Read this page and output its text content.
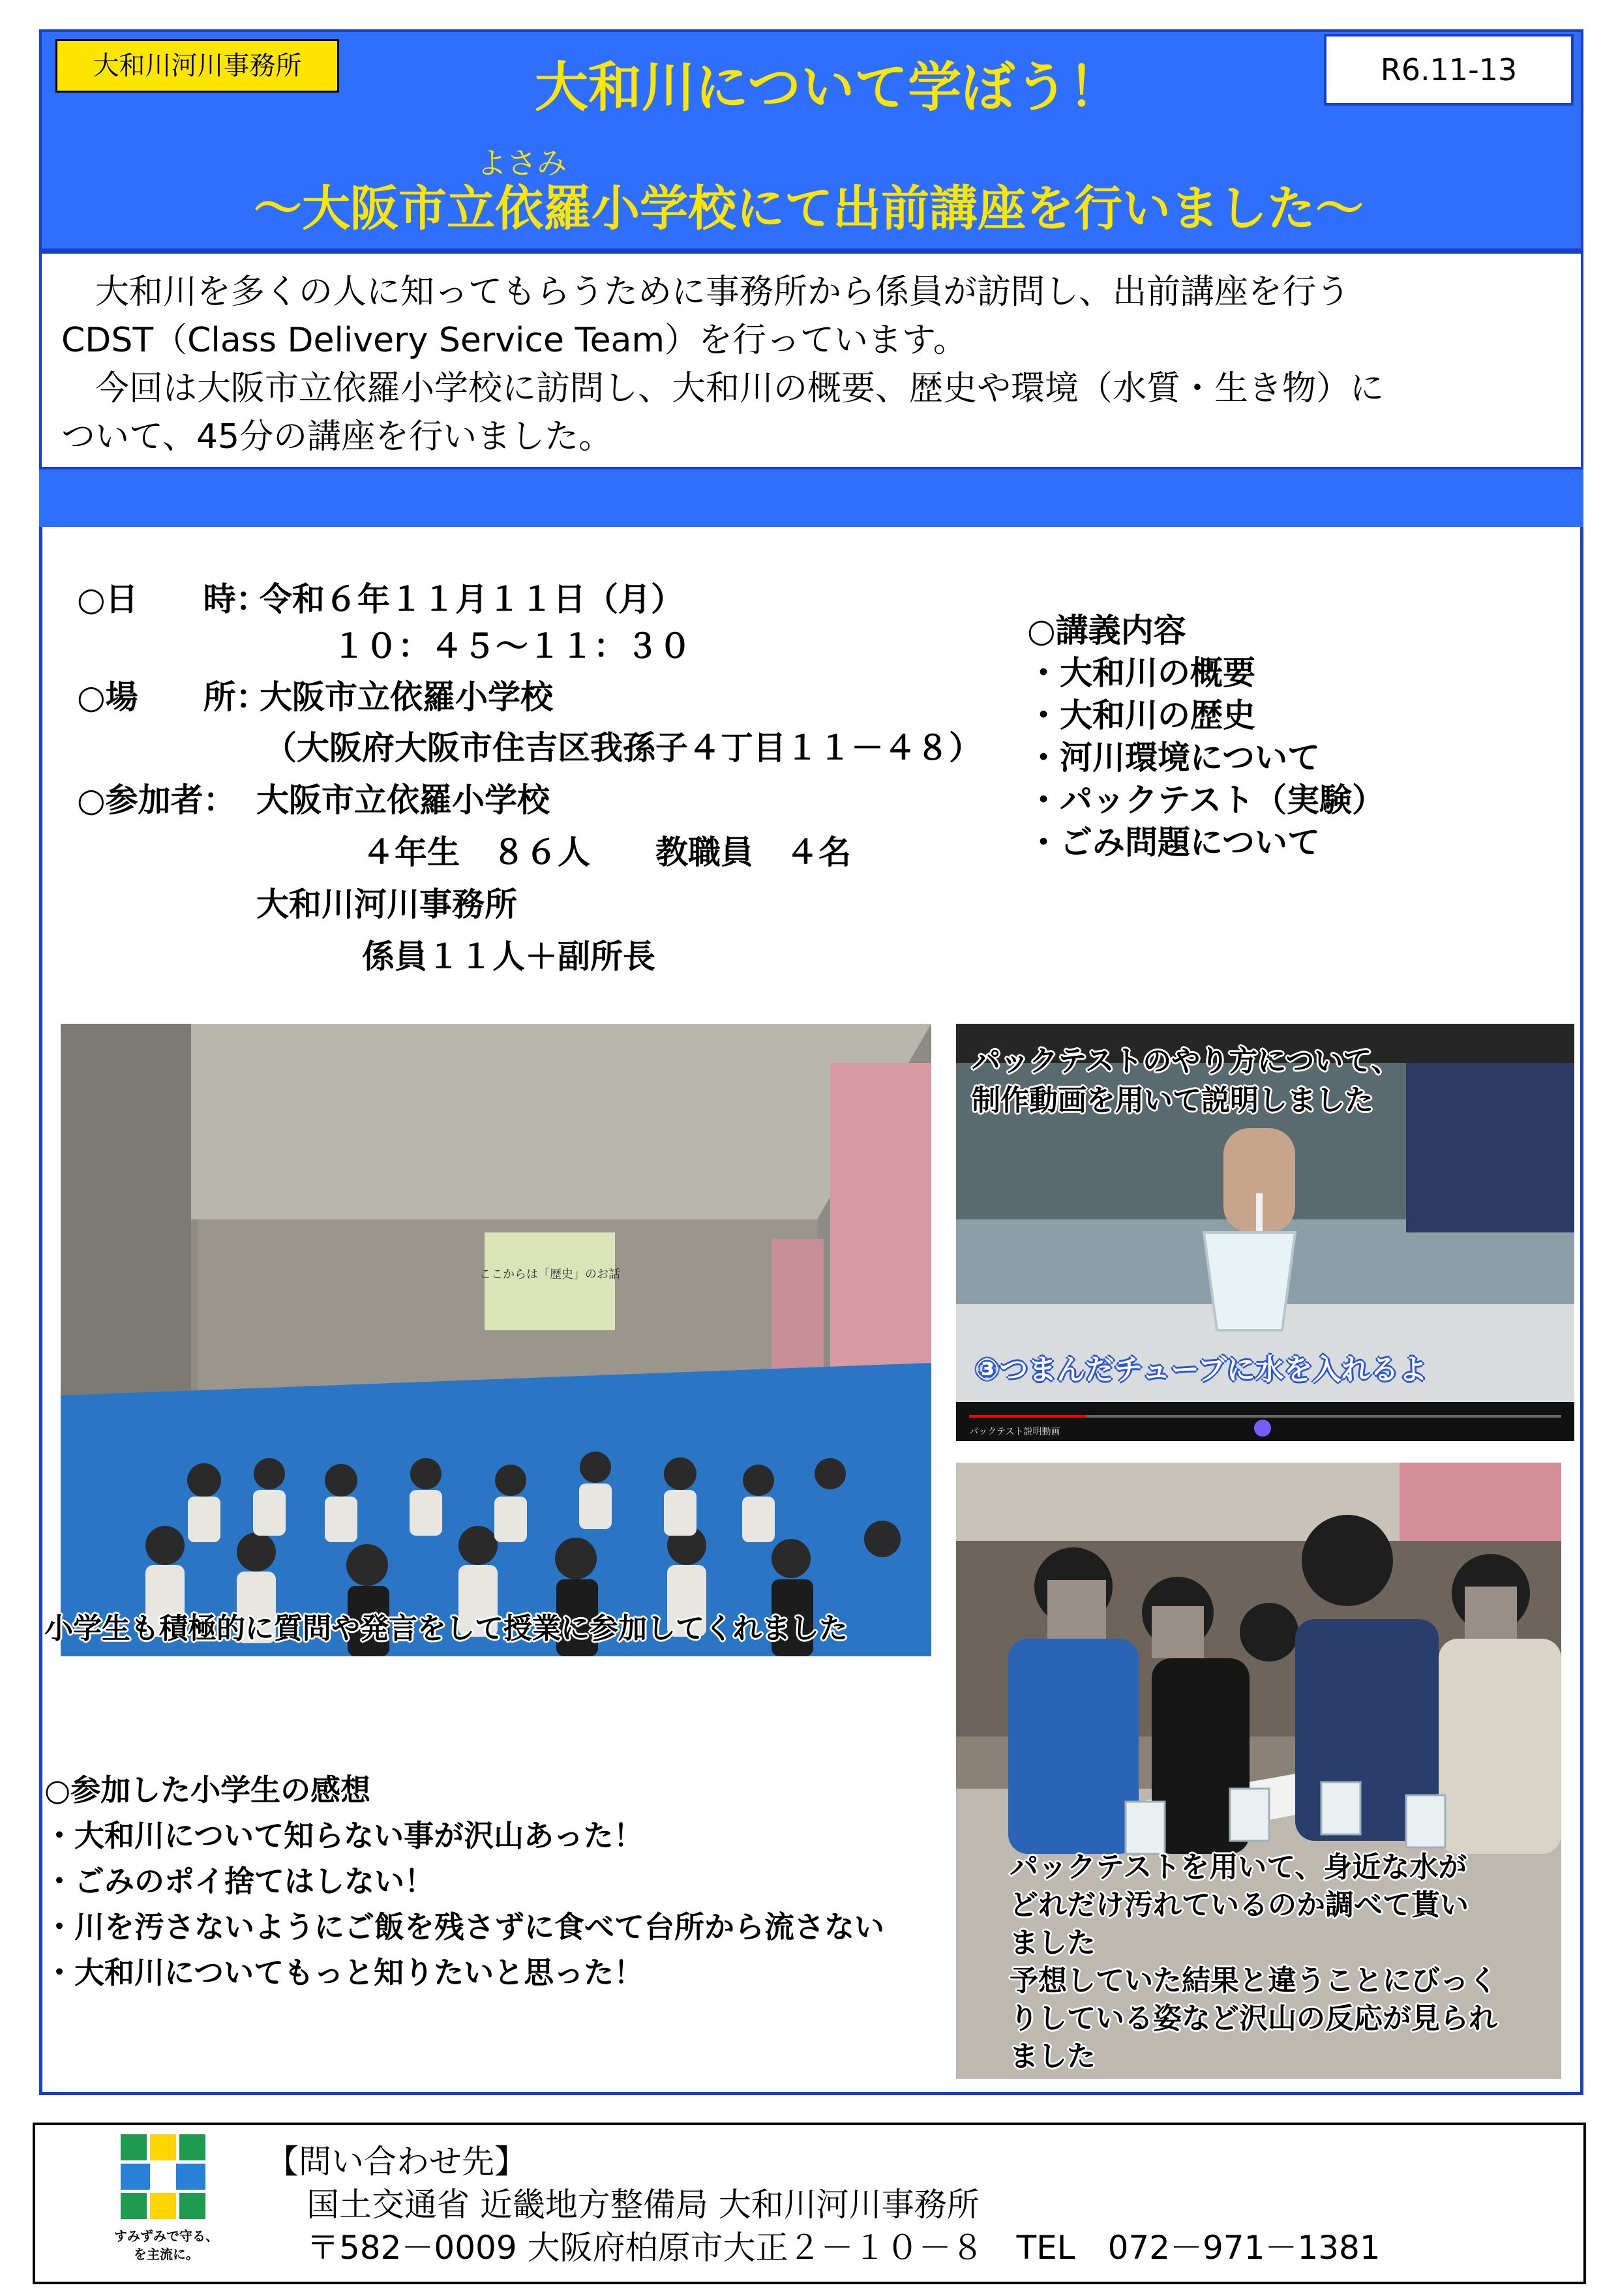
大和川河川事務所	R6.11-13
大和川について学ぼう！
よさみ
～大阪市立依羅小学校にて出前講座を行いました～

大和川を多くの人に知ってもらうために事務所から係員が訪問し、出前講座を行う

CDST（Class Delivery Service Team）を行っています。

今回は大阪市立依羅小学校に訪問し、大和川の概要、歴史や環境（水質・生き物）に

ついて、45分の講座を行いました。

○日　　時：
令和６年１１月１１日（月）
１０：４５～１１：３０
○場　　所：
大阪市立依羅小学校
（大阪府大阪市住吉区我孫子４丁目１１－４８）
○参加者： 大阪市立依羅小学校
４年生　８６人　　教職員　４名
大和川河川事務所
係員１１人＋副所長
○講義内容
・大和川の概要
・大和川の歴史
・河川環境について
・パックテスト（実験）
・ごみ問題について
ここからは「歴史」のお話
小学生も積極的に質問や発言をして授業に参加してくれました
パックテスト説明動画
パックテストのやり方について、
制作動画を用いて説明しました
③つまんだチューブに水を入れるよ
パックテストを用いて、身近な水が
どれだけ汚れているのか調べて貰い
ました
予想していた結果と違うことにびっく
りしている姿など沢山の反応が見られ
ました
○参加した小学生の感想
・大和川について知らない事が沢山あった！
・ごみのポイ捨てはしない！
・川を汚さないようにご飯を残さずに食べて台所から流さない
・大和川についてもっと知りたいと思った！
すみずみで守る、
を主流に。
【問い合わせ先】
国土交通省 近畿地方整備局 大和川河川事務所
〒582－0009 大阪府柏原市大正２－１０－８　TEL　072－971－1381
